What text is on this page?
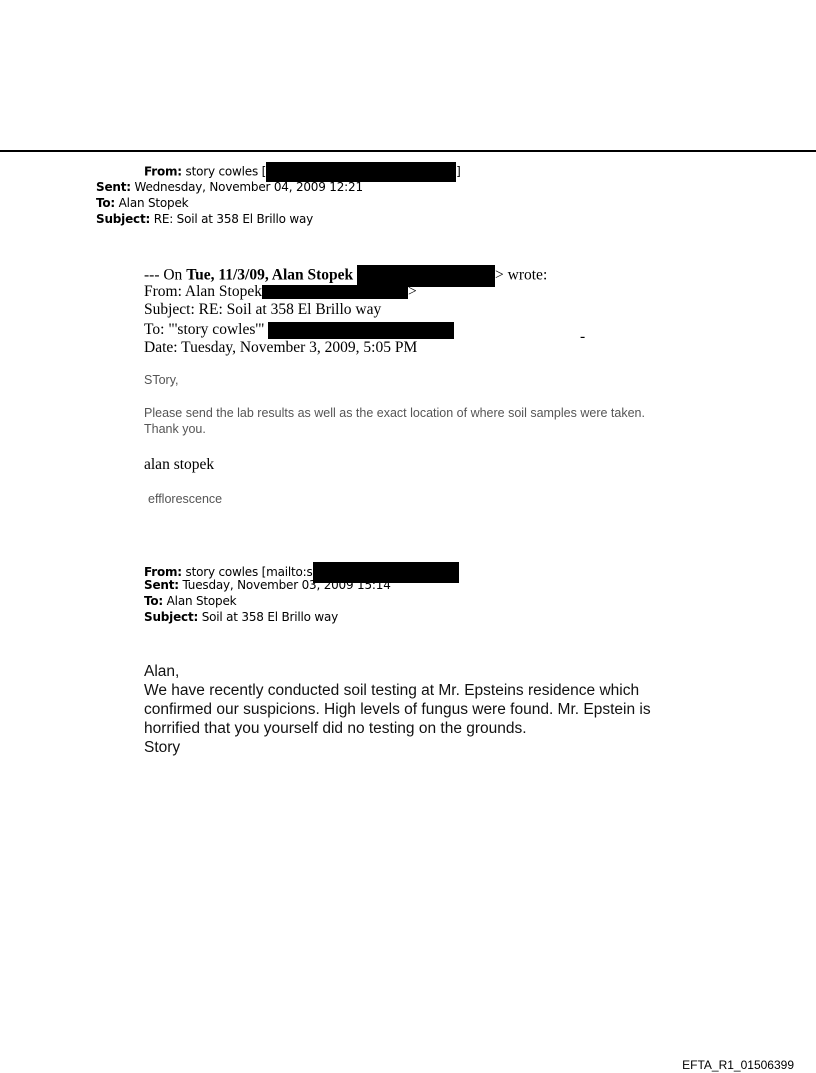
From: story cowles [	]
Sent: Wednesday, November 04, 2009 12:21
To: Alan Stopek
Subject: RE: Soil at 358 El Brillo way
--- On Tue, 11/3/09, Alan Stopek	> wrote:
From: Alan Stopek	>
Subject: RE: Soil at 358 El Brillo way
To: "'story cowles'"
Date: Tuesday, November 3, 2009, 5:05 PM
-
STory,
Please send the lab results as well as the exact location of where soil samples were taken.
Thank you.
alan stopek
efflorescence
From: story cowles [mailto:s
Sent: Tuesday, November 03, 2009 15:14
To: Alan Stopek
Subject: Soil at 358 El Brillo way
Alan,
We have recently conducted soil testing at Mr. Epsteins residence which
confirmed our suspicions. High levels of fungus were found. Mr. Epstein is
horrified that you yourself did no testing on the grounds.
Story
EFTA_R1_01506399
